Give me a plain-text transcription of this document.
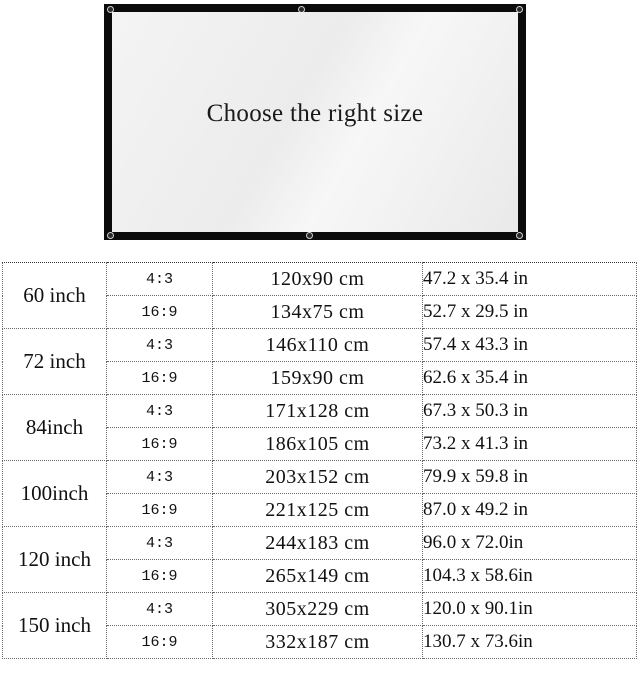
Choose the right size
60 inch	4:3	120x90 cm	47.2 x 35.4 in
	16:9	134x75 cm	52.7 x 29.5 in
72 inch	4:3	146x110 cm	57.4 x 43.3 in
	16:9	159x90 cm	62.6 x 35.4 in
84inch	4:3	171x128 cm	67.3 x 50.3 in
	16:9	186x105 cm	73.2 x 41.3 in
100inch	4:3	203x152 cm	79.9 x 59.8 in
	16:9	221x125 cm	87.0 x 49.2 in
120 inch	4:3	244x183 cm	96.0 x 72.0in
	16:9	265x149 cm	104.3 x 58.6in
150 inch	4:3	305x229 cm	120.0 x 90.1in
	16:9	332x187 cm	130.7 x 73.6in
